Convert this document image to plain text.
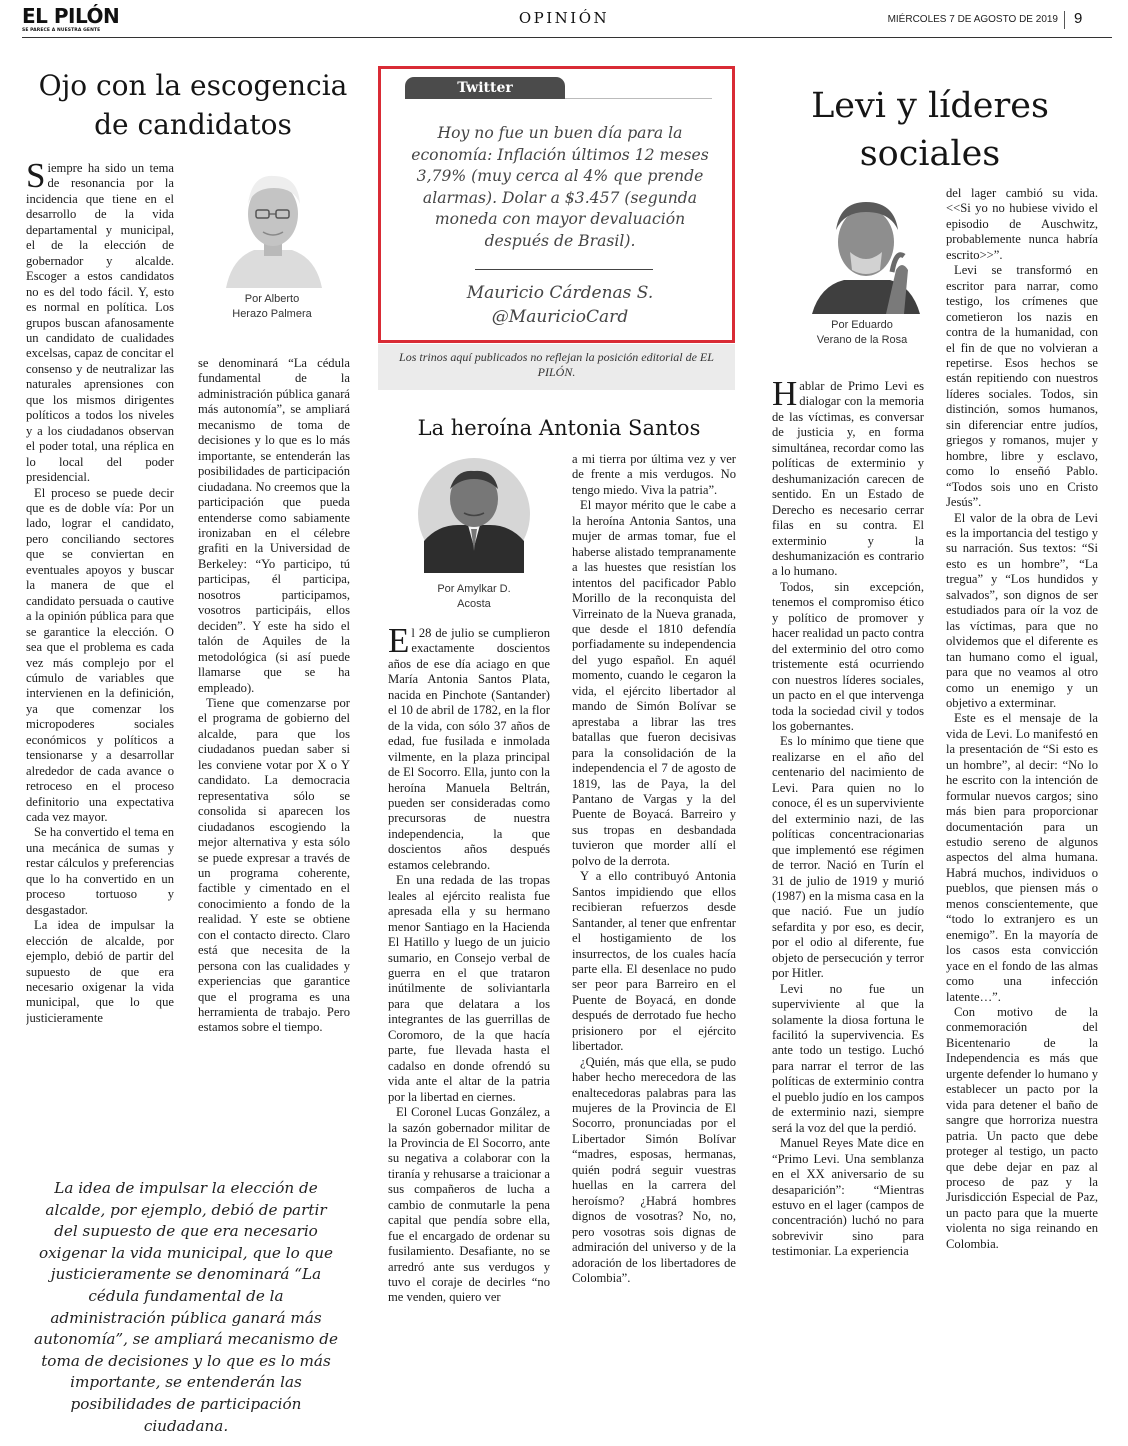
EL PILÓN
SE PARECE A NUESTRA GENTE
OPINIÓN	MIÉRCOLES 7 DE AGOSTO DE 2019 9
Ojo con la escogencia
de candidatos
Por Alberto
Herazo Palmera

Siempre ha sido un tema de resonancia por la incidencia que tiene en el desarrollo de la vida departamental y municipal, el de la elección de gobernador y alcalde. Escoger a estos candidatos no es del todo fácil. Y, esto es normal en política. Los grupos buscan afanosamente un candidato de cualidades excelsas, capaz de concitar el consenso y de neutralizar las naturales aprensiones con que los mismos dirigentes políticos a todos los niveles y a los ciudadanos observan el poder total, una réplica en lo local del poder presidencial.

El proceso se puede decir que es de doble vía: Por un lado, lograr el candidato, pero conciliando sectores que se conviertan en eventuales apoyos y buscar la manera de que el candidato persuada o cautive a la opinión pública para que se garantice la elección. O sea que el problema es cada vez más complejo por el cúmulo de variables que intervienen en la definición, ya que comenzar los micropoderes sociales económicos y políticos a tensionarse y a desarrollar alrededor de cada avance o retroceso en el proceso definitorio una expectativa cada vez mayor.

Se ha convertido el tema en una mecánica de sumas y restar cálculos y preferencias que lo ha convertido en un proceso tortuoso y desgastador.

La idea de impulsar la elección de alcalde, por ejemplo, debió de partir del supuesto de que era necesario oxigenar la vida municipal, que lo que justicieramente

se denominará “La cédula fundamental de la administración pública ganará más autonomía”, se ampliará mecanismo de toma de decisiones y lo que es lo más importante, se entenderán las posibilidades de participación ciudadana. No creemos que la participación que pueda entenderse como sabiamente ironizaban en el célebre grafiti en la Universidad de Berkeley: “Yo participo, tú participas, él participa, nosotros participamos, vosotros participáis, ellos deciden”. Y este ha sido el talón de Aquiles de la metodológica (si así puede llamarse que se ha empleado).

Tiene que comenzarse por el programa de gobierno del alcalde, para que los ciudadanos puedan saber si les conviene votar por X o Y candidato. La democracia representativa sólo se consolida si aparecen los ciudadanos escogiendo la mejor alternativa y esta sólo se puede expresar a través de un programa coherente, factible y cimentado en el conocimiento a fondo de la realidad. Y este se obtiene con el contacto directo. Claro está que necesita de la persona con las cualidades y experiencias que garantice que el programa es una herramienta de trabajo. Pero estamos sobre el tiempo.

La idea de impulsar la elección de alcalde, por ejemplo, debió de partir del supuesto de que era necesario oxigenar la vida municipal, que lo que justicieramente se denominará “La cédula fundamental de la administración pública ganará más autonomía”, se ampliará mecanismo de toma de decisiones y lo que es lo más importante, se entenderán las posibilidades de participación ciudadana.
Twitter
Hoy no fue un buen día para la economía: Inflación últimos 12 meses 3,79% (muy cerca al 4% que prende alarmas). Dolar a $3.457 (segunda moneda con mayor devaluación después de Brasil).
Mauricio Cárdenas S.
@MauricioCard
Los trinos aquí publicados no reflejan la posición editorial de EL PILÓN.
La heroína Antonia Santos
Por Amylkar D.
Acosta

El 28 de julio se cumplieron exactamente doscientos años de ese día aciago en que María Antonia Santos Plata, nacida en Pinchote (Santander) el 10 de abril de 1782, en la flor de la vida, con sólo 37 años de edad, fue fusilada e inmolada vilmente, en la plaza principal de El Socorro. Ella, junto con la heroína Manuela Beltrán, pueden ser consideradas como precursoras de nuestra independencia, la que doscientos años después estamos celebrando.

En una redada de las tropas leales al ejército realista fue apresada ella y su hermano menor Santiago en la Hacienda El Hatillo y luego de un juicio sumario, en Consejo verbal de guerra en el que trataron inútilmente de soliviantarla para que delatara a los integrantes de las guerrillas de Coromoro, de la que hacía parte, fue llevada hasta el cadalso en donde ofrendó su vida ante el altar de la patria por la libertad en ciernes.

El Coronel Lucas González, a la sazón gobernador militar de la Provincia de El Socorro, ante su negativa a colaborar con la tiranía y rehusarse a traicionar a sus compañeros de lucha a cambio de conmutarle la pena capital que pendía sobre ella, fue el encargado de ordenar su fusilamiento. Desafiante, no se arredró ante sus verdugos y tuvo el coraje de decirles “no me venden, quiero ver

a mi tierra por última vez y ver de frente a mis verdugos. No tengo miedo. Viva la patria”.

El mayor mérito que le cabe a la heroína Antonia Santos, una mujer de armas tomar, fue el haberse alistado tempranamente a las huestes que resistían los intentos del pacificador Pablo Morillo de la reconquista del Virreinato de la Nueva granada, que desde el 1810 defendía porfiadamente su independencia del yugo español. En aquél momento, cuando le cegaron la vida, el ejército libertador al mando de Simón Bolívar se aprestaba a librar las tres batallas que fueron decisivas para la consolidación de la independencia el 7 de agosto de 1819, las de Paya, la del Pantano de Vargas y la del Puente de Boyacá. Barreiro y sus tropas en desbandada tuvieron que morder allí el polvo de la derrota.

Y a ello contribuyó Antonia Santos impidiendo que ellos recibieran refuerzos desde Santander, al tener que enfrentar el hostigamiento de los insurrectos, de los cuales hacía parte ella. El desenlace no pudo ser peor para Barreiro en el Puente de Boyacá, en donde después de derrotado fue hecho prisionero por el ejército libertador.

¿Quién, más que ella, se pudo haber hecho merecedora de las enaltecedoras palabras para las mujeres de la Provincia de El Socorro, pronunciadas por el Libertador Simón Bolívar “madres, esposas, hermanas, quién podrá seguir vuestras huellas en la carrera del heroísmo? ¿Habrá hombres dignos de vosotras? No, no, pero vosotras sois dignas de admiración del universo y de la adoración de los libertadores de Colombia”.

Levi y líderes
sociales
Por Eduardo
Verano de la Rosa

Hablar de Primo Levi es dialogar con la memoria de las víctimas, es conversar de justicia y, en forma simultánea, recordar como las políticas de exterminio y deshumanización carecen de sentido. En un Estado de Derecho es necesario cerrar filas en su contra. El exterminio y la deshumanización es contrario a lo humano.

Todos, sin excepción, tenemos el compromiso ético y político de promover y hacer realidad un pacto contra del exterminio del otro como tristemente está ocurriendo con nuestros líderes sociales, un pacto en el que intervenga toda la sociedad civil y todos los gobernantes.

Es lo mínimo que tiene que realizarse en el año del centenario del nacimiento de Levi. Para quien no lo conoce, él es un superviviente del exterminio nazi, de las políticas concentracionarias que implementó ese régimen de terror. Nació en Turín el 31 de julio de 1919 y murió (1987) en la misma casa en la que nació. Fue un judío sefardita y por eso, es decir, por el odio al diferente, fue objeto de persecución y terror por Hitler.

Levi no fue un superviviente al que la solamente la diosa fortuna le facilitó la supervivencia. Es ante todo un testigo. Luchó para narrar el terror de las políticas de exterminio contra el pueblo judío en los campos de exterminio nazi, siempre será la voz del que la perdió.

Manuel Reyes Mate dice en “Primo Levi. Una semblanza en el XX aniversario de su desaparición”: “Mientras estuvo en el lager (campos de concentración) luchó no para sobrevivir sino para testimoniar. La experiencia

del lager cambió su vida. <<Si yo no hubiese vivido el episodio de Auschwitz, probablemente nunca habría escrito>>”.

Levi se transformó en escritor para narrar, como testigo, los crímenes que cometieron los nazis en contra de la humanidad, con el fin de que no volvieran a repetirse. Esos hechos se están repitiendo con nuestros líderes sociales. Todos, sin distinción, somos humanos, sin diferenciar entre judíos, griegos y romanos, mujer y hombre, libre y esclavo, como lo enseñó Pablo. “Todos sois uno en Cristo Jesús”.

El valor de la obra de Levi es la importancia del testigo y su narración. Sus textos: “Si esto es un hombre”, “La tregua” y “Los hundidos y salvados”, son dignos de ser estudiados para oír la voz de las víctimas, para que no olvidemos que el diferente es tan humano como el igual, para que no veamos al otro como un enemigo y un objetivo a exterminar.

Este es el mensaje de la vida de Levi. Lo manifestó en la presentación de “Si esto es un hombre”, al decir: “No lo he escrito con la intención de formular nuevos cargos; sino más bien para proporcionar documentación para un estudio sereno de algunos aspectos del alma humana. Habrá muchos, individuos o pueblos, que piensen más o menos conscientemente, que “todo lo extranjero es un enemigo”. En la mayoría de los casos esta convicción yace en el fondo de las almas como una infección latente…”.

Con motivo de la conmemoración del Bicentenario de la Independencia es más que urgente defender lo humano y establecer un pacto por la vida para detener el baño de sangre que horroriza nuestra patria. Un pacto que debe proteger al testigo, un pacto que debe dejar en paz al proceso de paz y la Jurisdicción Especial de Paz, un pacto para que la muerte violenta no siga reinando en Colombia.
